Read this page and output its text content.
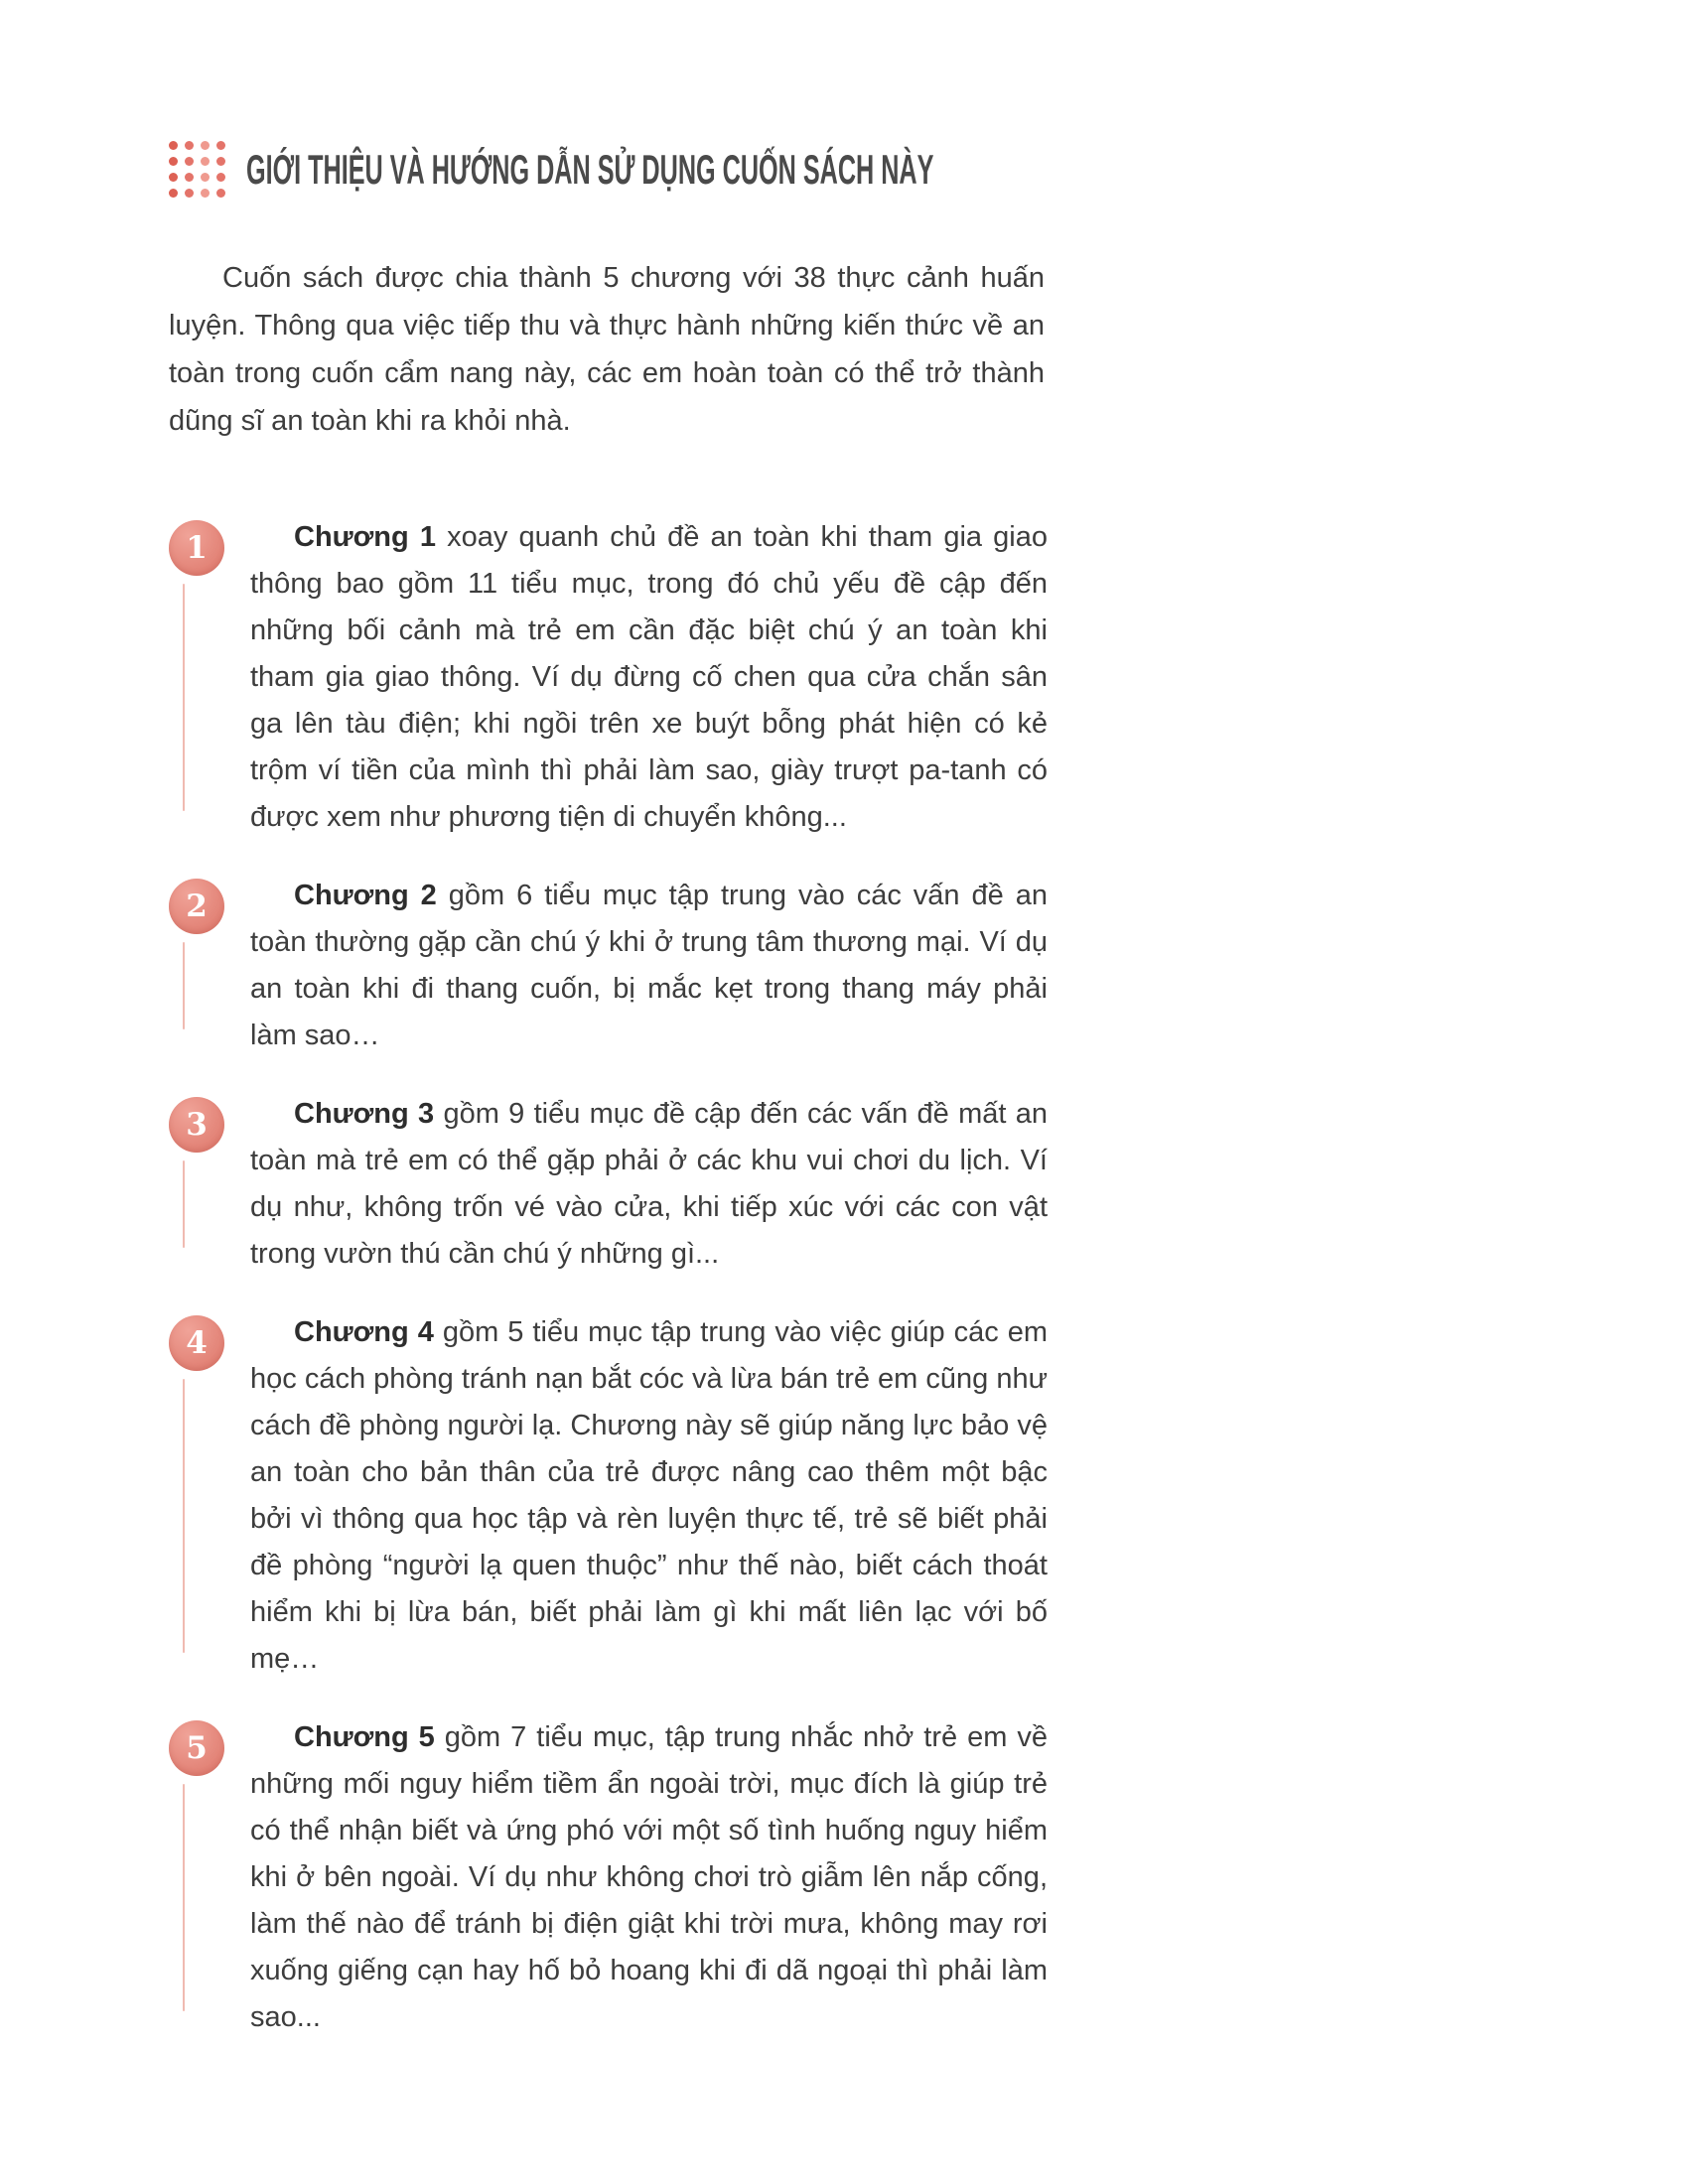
GIỚI THIỆU VÀ HƯỚNG DẪN SỬ DỤNG CUỐN SÁCH NÀY

Cuốn sách được chia thành 5 chương với 38 thực cảnh huấn luyện. Thông qua việc tiếp thu và thực hành những kiến thức về an toàn trong cuốn cẩm nang này, các em hoàn toàn có thể trở thành dũng sĩ an toàn khi ra khỏi nhà.

1	Chương 1 xoay quanh chủ đề an toàn khi tham gia giao thông bao gồm 11 tiểu mục, trong đó chủ yếu đề cập đến những bối cảnh mà trẻ em cần đặc biệt chú ý an toàn khi tham gia giao thông. Ví dụ đừng cố chen qua cửa chắn sân ga lên tàu điện; khi ngồi trên xe buýt bỗng phát hiện có kẻ trộm ví tiền của mình thì phải làm sao, giày trượt pa-tanh có được xem như phương tiện di chuyển không...

2	Chương 2 gồm 6 tiểu mục tập trung vào các vấn đề an toàn thường gặp cần chú ý khi ở trung tâm thương mại. Ví dụ an toàn khi đi thang cuốn, bị mắc kẹt trong thang máy phải làm sao…

3	Chương 3 gồm 9 tiểu mục đề cập đến các vấn đề mất an toàn mà trẻ em có thể gặp phải ở các khu vui chơi du lịch. Ví dụ như, không trốn vé vào cửa, khi tiếp xúc với các con vật trong vườn thú cần chú ý những gì...

4	Chương 4 gồm 5 tiểu mục tập trung vào việc giúp các em học cách phòng tránh nạn bắt cóc và lừa bán trẻ em cũng như cách đề phòng người lạ. Chương này sẽ giúp năng lực bảo vệ an toàn cho bản thân của trẻ được nâng cao thêm một bậc bởi vì thông qua học tập và rèn luyện thực tế, trẻ sẽ biết phải đề phòng “người lạ quen thuộc” như thế nào, biết cách thoát hiểm khi bị lừa bán, biết phải làm gì khi mất liên lạc với bố mẹ…

5	Chương 5 gồm 7 tiểu mục, tập trung nhắc nhở trẻ em về những mối nguy hiểm tiềm ẩn ngoài trời, mục đích là giúp trẻ có thể nhận biết và ứng phó với một số tình huống nguy hiểm khi ở bên ngoài. Ví dụ như không chơi trò giẫm lên nắp cống, làm thế nào để tránh bị điện giật khi trời mưa, không may rơi xuống giếng cạn hay hố bỏ hoang khi đi dã ngoại thì phải làm sao...
